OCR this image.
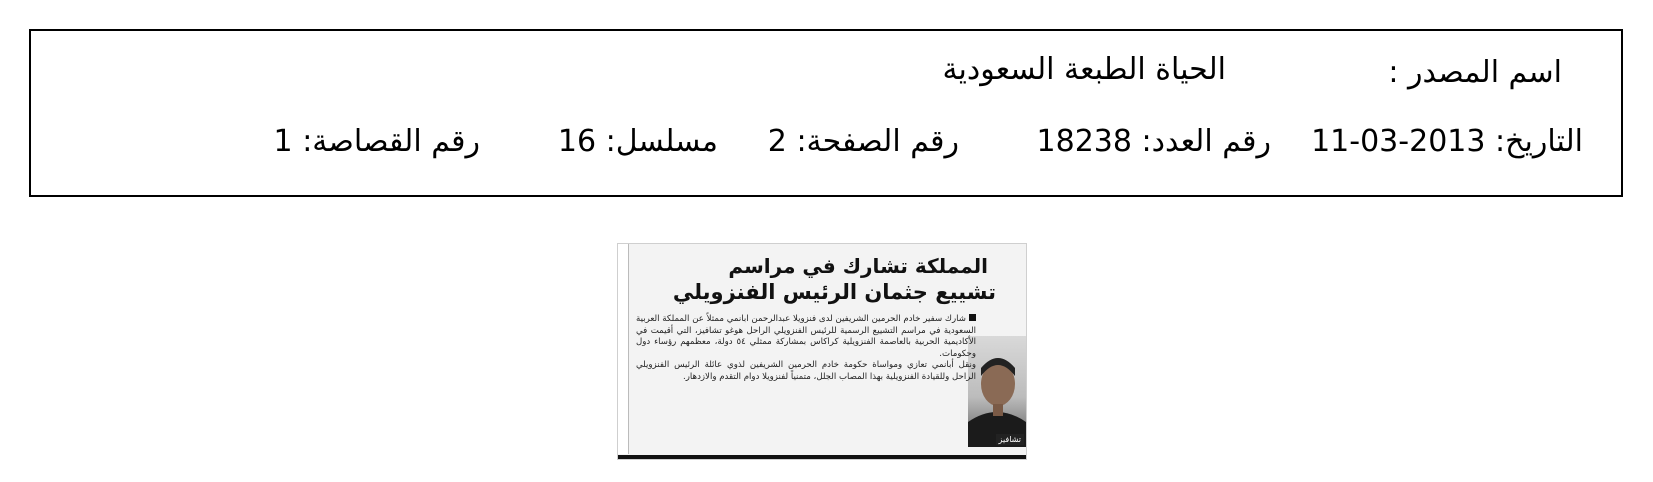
اسم المصدر :
الحياة الطبعة السعودية
التاريخ: 2013-03-11
رقم العدد: 18238
رقم الصفحة: 2
مسلسل: 16
رقم القصاصة: 1
المملكة تشارك في مراسم
تشييع جثمان الرئيس الفنزويلي
تشافيز

شارك سفير خادم الحرمين الشريفين لدى فنزويلا عبدالرحمن ابانمي ممثلاً عن المملكة العربية السعودية في مراسم التشييع الرسمية للرئيس الفنزويلي الراحل هوغو تشافيز، التي أقيمت في الأكاديمية الحربية بالعاصمة الفنزويلية كراكاس بمشاركة ممثلي ٥٤ دولة، معظمهم رؤساء دول وحكومات.

ونقل أبانمي تعازي ومواساة حكومة خادم الحرمين الشريفين لذوي عائلة الرئيس الفنزويلي الراحل وللقيادة الفنزويلية بهذا المصاب الجلل، متمنياً لفنزويلا دوام التقدم والازدهار.
